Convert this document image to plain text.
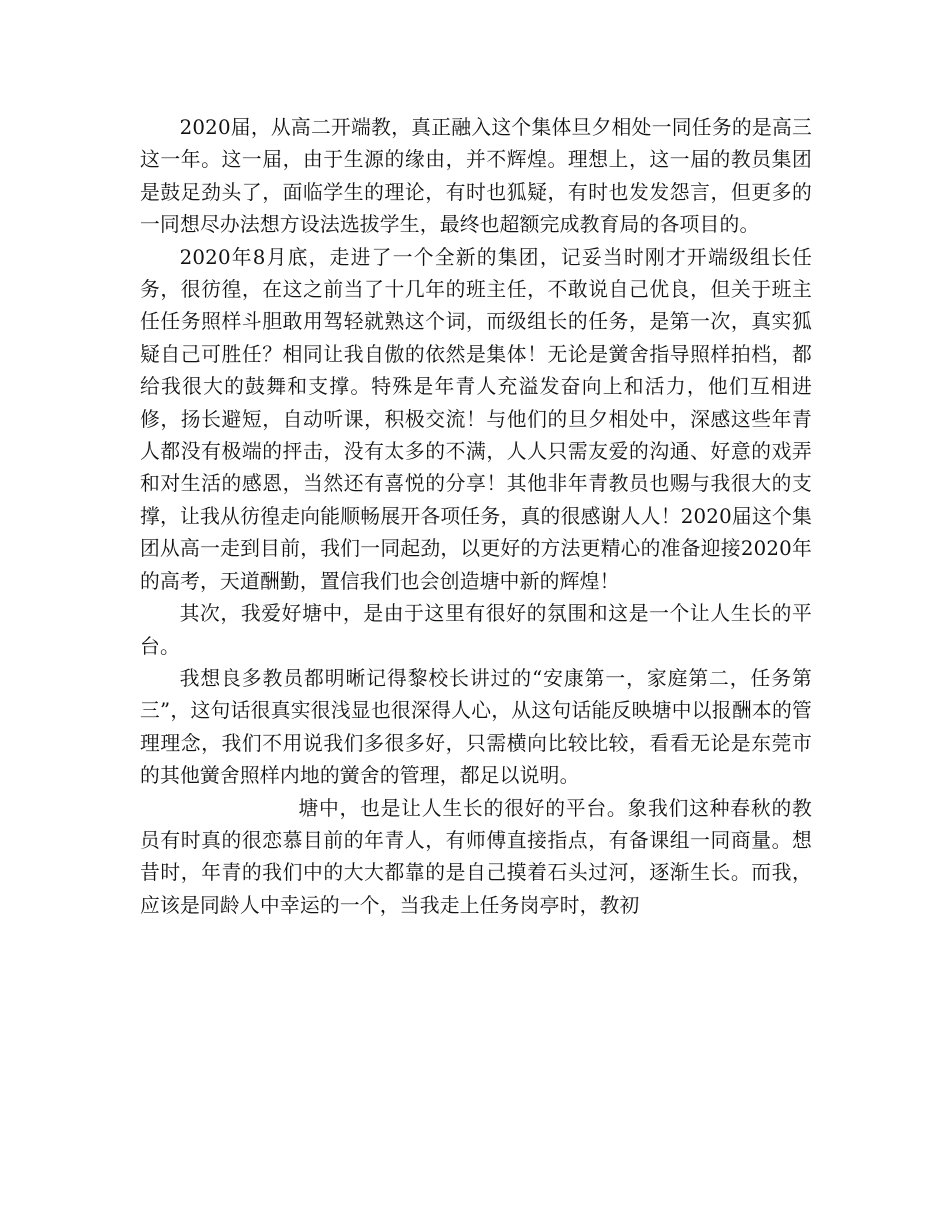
2020届，从高二开端教，真正融入这个集体旦夕相处一同任务的是高三这一年。这一届，由于生源的缘由，并不辉煌。理想上，这一届的教员集团是鼓足劲头了，面临学生的理论，有时也狐疑，有时也发发怨言，但更多的一同想尽办法想方设法选拔学生，最终也超额完成教育局的各项目的。

2020年8月底，走进了一个全新的集团，记妥当时刚才开端级组长任务，很彷徨，在这之前当了十几年的班主任，不敢说自己优良，但关于班主任任务照样斗胆敢用驾轻就熟这个词，而级组长的任务，是第一次，真实狐疑自己可胜任？相同让我自傲的依然是集体！无论是黉舍指导照样拍档，都给我很大的鼓舞和支撑。特殊是年青人充溢发奋向上和活力，他们互相进修，扬长避短，自动听课，积极交流！与他们的旦夕相处中，深感这些年青人都没有极端的抨击，没有太多的不满，人人只需友爱的沟通、好意的戏弄和对生活的感恩，当然还有喜悦的分享！其他非年青教员也赐与我很大的支撑，让我从彷徨走向能顺畅展开各项任务，真的很感谢人人！2020届这个集团从高一走到目前，我们一同起劲，以更好的方法更精心的准备迎接2020年的高考，天道酬勤，置信我们也会创造塘中新的辉煌！

其次，我爱好塘中，是由于这里有很好的氛围和这是一个让人生长的平台。

我想良多教员都明晰记得黎校长讲过的“安康第一，家庭第二，任务第三”，这句话很真实很浅显也很深得人心，从这句话能反映塘中以报酬本的管理理念，我们不用说我们多很多好，只需横向比较比较，看看无论是东莞市的其他黉舍照样内地的黉舍的管理，都足以说明。

塘中，也是让人生长的很好的平台。象我们这种春秋的教员有时真的很恋慕目前的年青人，有师傅直接指点，有备课组一同商量。想昔时，年青的我们中的大大都靠的是自己摸着石头过河，逐渐生长。而我，应该是同龄人中幸运的一个，当我走上任务岗亭时，教初
